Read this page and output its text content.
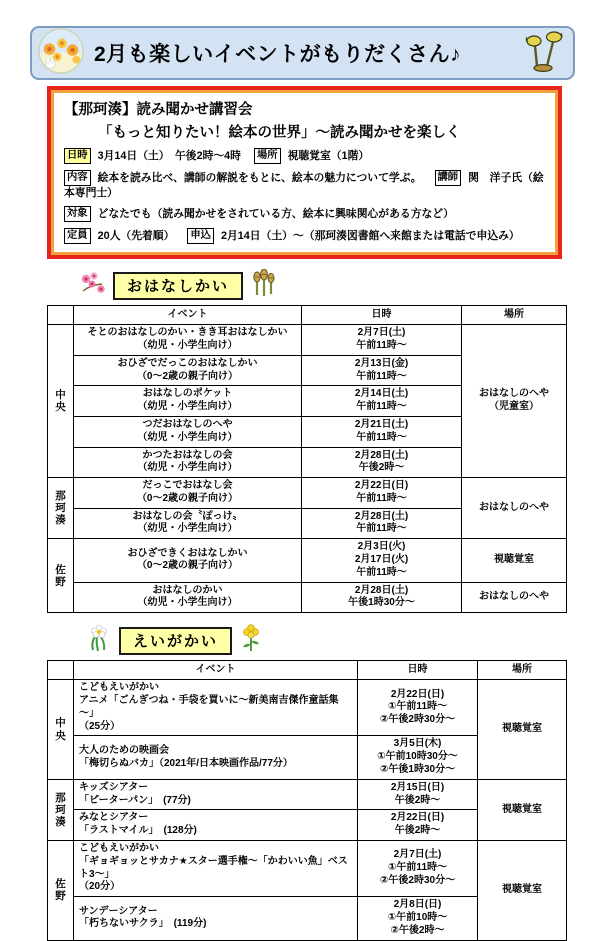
2月も楽しいイベントがもりだくさん♪
【那珂湊】読み聞かせ講習会
「もっと知りたい！絵本の世界」～読み聞かせを楽しく
日時 3月14日（土）　午後2時～4時 場所 視聴覚室（1階）
内容 絵本を読み比べ、講師の解説をもとに、絵本の魅力について学ぶ。 講師 関　洋子氏（絵本専門士）
対象 どなたでも（読み聞かせをされている方、絵本に興味関心がある方など）
定員 20人（先着順） 申込 2月14日（土）～（那珂湊図書館へ来館または電話で申込み）
おはなしかい
	イベント	日時	場所
中
央	そとのおはなしのかい・きき耳おはなしかい
（幼児・小学生向け）	2月7日(土)
午前11時～	おはなしのへや
（児童室）
	おひざでだっこのおはなしかい
（0～2歳の親子向け）	2月13日(金)
午前11時～	
	おはなしのポケット
（幼児・小学生向け）	2月14日(土)
午前11時～	
	つだおはなしのへや
（幼児・小学生向け）	2月21日(土)
午前11時～	
	かつたおはなしの会
（幼児・小学生向け）	2月28日(土)
午後2時～	
那
珂
湊	だっこでおはなし会
（0～2歳の親子向け）	2月22日(日)
午前11時～	おはなしのへや
	おはなしの会〝ぽっけ〟
（幼児・小学生向け）	2月28日(土)
午前11時～	
佐
野	おひざできくおはなしかい
（0～2歳の親子向け）	2月3日(火)
2月17日(火)
午前11時～	視聴覚室
	おはなしのかい
（幼児・小学生向け）	2月28日(土)
午後1時30分～	おはなしのへや
えいがかい
	イベント	日時	場所
中
央	こどもえいがかい
アニメ「ごんぎつね・手袋を買いに～新美南吉傑作童話集～」
（25分）	2月22日(日)
①午前11時～
②午後2時30分～	視聴覚室
	大人のための映画会
「梅切らぬバカ」（2021年/日本映画作品/77分）	3月5日(木)
①午前10時30分～
②午後1時30分～	
那
珂
湊	キッズシアター
「ピーターパン」　(77分)	2月15日(日)
午後2時～	視聴覚室
	みなとシアター
「ラストマイル」　(128分)	2月22日(日)
午後2時～	
佐
野	こどもえいがかい
「ギョギョッとサカナ★スター選手権～「かわいい魚」ベスト3～」
（20分）	2月7日(土)
①午前11時～
②午後2時30分～	視聴覚室
	サンデーシアター
「朽ちないサクラ」　(119分)	2月8日(日)
①午前10時～
②午後2時～	
